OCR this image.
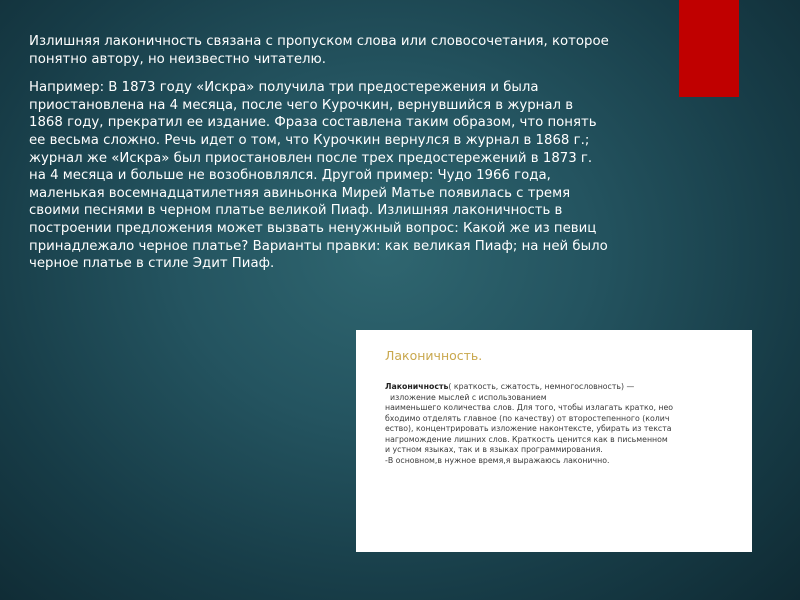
Излишняя лаконичность связана с пропуском слова или словосочетания, которое понятно автору, но неизвестно читателю.

Например: В 1873 году «Искра» получила три предостережения и была приостановлена на 4 месяца, после чего Курочкин, вернувшийся в журнал в 1868 году, прекратил ее издание. Фраза составлена таким образом, что понять ее весьма сложно. Речь идет о том, что Курочкин вернулся в журнал в 1868 г.; журнал же «Искра» был приостановлен после трех предостережений в 1873 г. на 4 месяца и больше не возобновлялся. Другой пример: Чудо 1966 года, маленькая восемнадцатилетняя авиньонка Мирей Матье появилась с тремя своими песнями в черном платье великой Пиаф. Излишняя лаконичность в построении предложения может вызвать ненужный вопрос: Какой же из певиц принадлежало черное платье? Варианты правки: как великая Пиаф; на ней было черное платье в стиле Эдит Пиаф.

Лаконичность.
Лаконичность( краткость, сжатость, немногословность) —
изложение мыслей с использованием
наименьшего количества слов. Для того, чтобы излагать кратко, нео
бходимо отделять главное (по качеству) от второстепенного (колич
ество), концентрировать изложение наконтексте, убирать из текста
нагромождение лишних слов. Краткость ценится как в письменном
и устном языках, так и в языках программирования.
-В основном,в нужное время,я выражаюсь лаконично.
